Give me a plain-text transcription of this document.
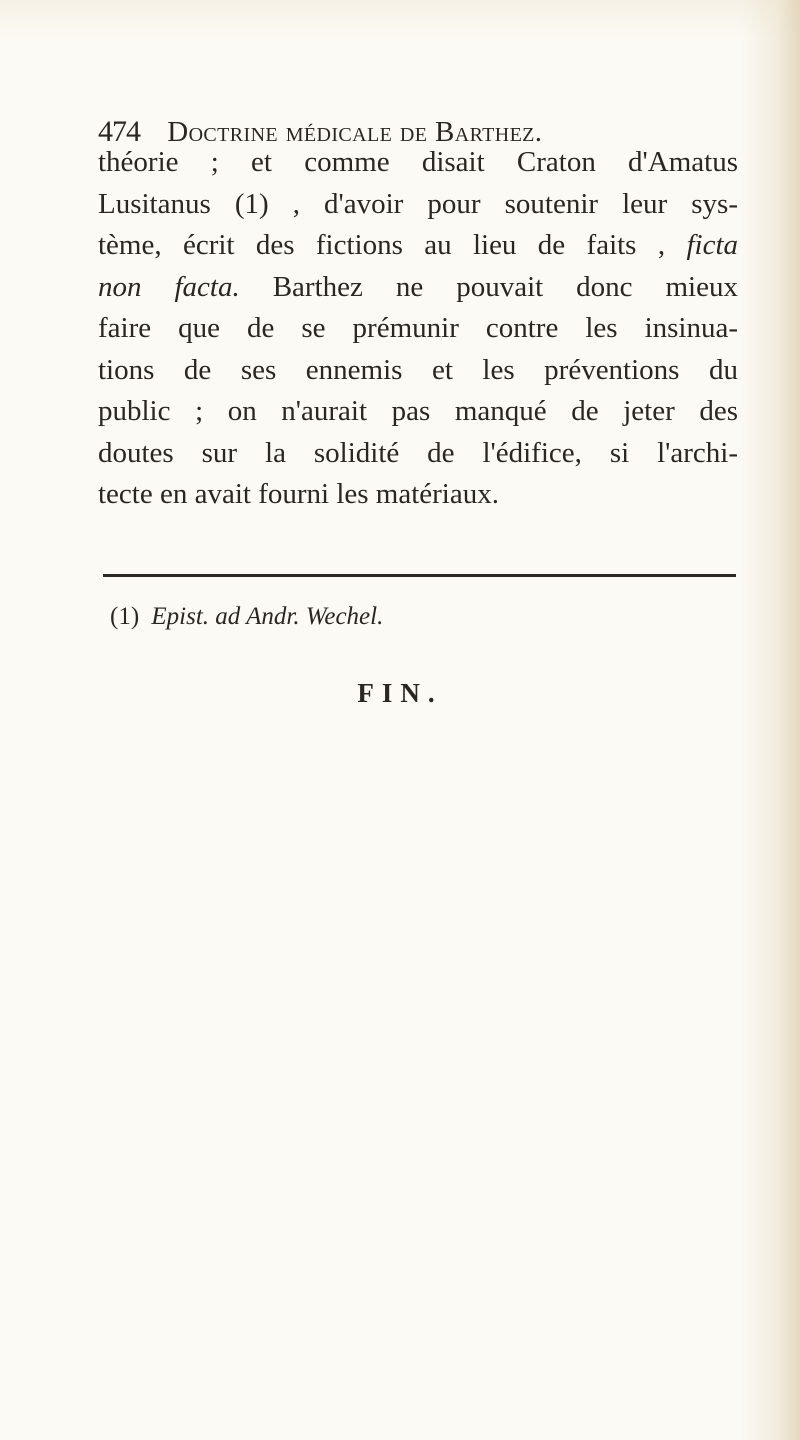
474 Doctrine médicale de Barthez.
théorie ; et comme disait Craton d'Amatus
Lusitanus (1) , d'avoir pour soutenir leur sys-
tème, écrit des fictions au lieu de faits , ficta
non facta. Barthez ne pouvait donc mieux
faire que de se prémunir contre les insinua-
tions de ses ennemis et les préventions du
public ; on n'aurait pas manqué de jeter des
doutes sur la solidité de l'édifice, si l'archi-
tecte en avait fourni les matériaux.
(1) Epist. ad Andr. Wechel.
FIN.
